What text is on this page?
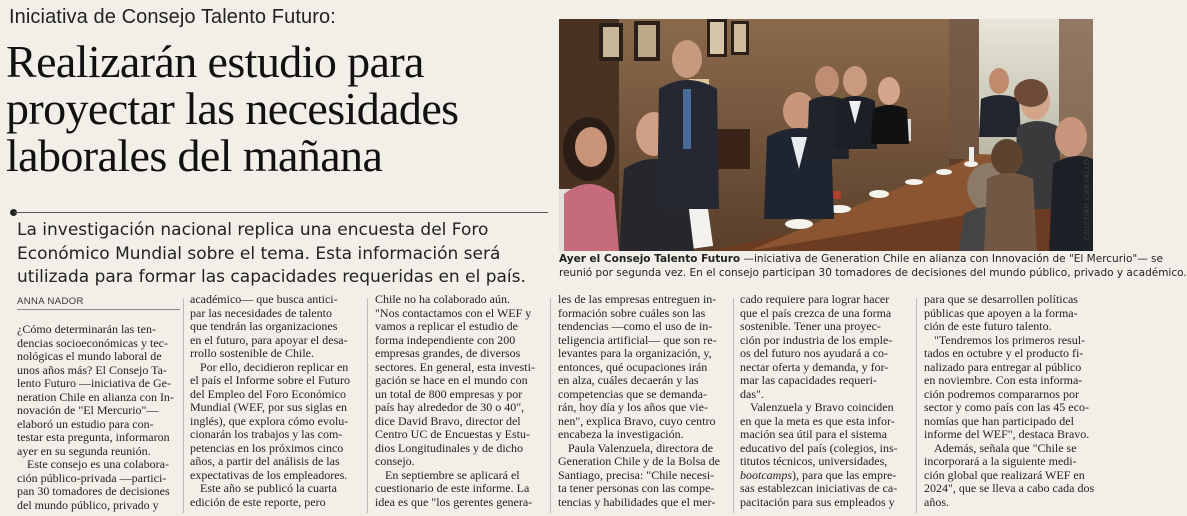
Iniciativa de Consejo Talento Futuro:
Realizarán estudio para
proyectar las necesidades
laborales del mañana
La investigación nacional replica una encuesta del Foro
Económico Mundial sobre el tema. Esta información será
utilizada para formar las capacidades requeridas en el país.
ANNA NADOR
CRISTIÁN CARVALLO
Ayer el Consejo Talento Futuro —iniciativa de Generation Chile en alianza con Innovación de "El Mercurio"— se
reunió por segunda vez. En el consejo participan 30 tomadores de decisiones del mundo público, privado y académico.
¿Cómo determinarán las ten-
dencias socioeconómicas y tec-
nológicas el mundo laboral de
unos años más? El Consejo Ta-
lento Futuro —iniciativa de Ge-
neration Chile en alianza con In-
novación de "El Mercurio"—
elaboró un estudio para con-
testar esta pregunta, informaron
ayer en su segunda reunión.
Este consejo es una colabora-
ción público-privada —partici-
pan 30 tomadores de decisiones
del mundo público, privado y
académico— que busca antici-
par las necesidades de talento
que tendrán las organizaciones
en el futuro, para apoyar el desa-
rrollo sostenible de Chile.
Por ello, decidieron replicar en
el país el Informe sobre el Futuro
del Empleo del Foro Económico
Mundial (WEF, por sus siglas en
inglés), que explora cómo evolu-
cionarán los trabajos y las com-
petencias en los próximos cinco
años, a partir del análisis de las
expectativas de los empleadores.
Este año se publicó la cuarta
edición de este reporte, pero
Chile no ha colaborado aún.
"Nos contactamos con el WEF y
vamos a replicar el estudio de
forma independiente con 200
empresas grandes, de diversos
sectores. En general, esta investi-
gación se hace en el mundo con
un total de 800 empresas y por
país hay alrededor de 30 o 40",
dice David Bravo, director del
Centro UC de Encuestas y Estu-
dios Longitudinales y de dicho
consejo.
En septiembre se aplicará el
cuestionario de este informe. La
idea es que "los gerentes genera-
les de las empresas entreguen in-
formación sobre cuáles son las
tendencias —como el uso de in-
teligencia artificial— que son re-
levantes para la organización, y,
entonces, qué ocupaciones irán
en alza, cuáles decaerán y las
competencias que se demanda-
rán, hoy día y los años que vie-
nen", explica Bravo, cuyo centro
encabeza la investigación.
Paula Valenzuela, directora de
Generation Chile y de la Bolsa de
Santiago, precisa: "Chile necesi-
ta tener personas con las compe-
tencias y habilidades que el mer-
cado requiere para lograr hacer
que el país crezca de una forma
sostenible. Tener una proyec-
ción por industria de los emple-
os del futuro nos ayudará a co-
nectar oferta y demanda, y for-
mar las capacidades requeri-
das".
Valenzuela y Bravo coinciden
en que la meta es que esta infor-
mación sea útil para el sistema
educativo del país (colegios, ins-
titutos técnicos, universidades,
bootcamps), para que las empre-
sas establezcan iniciativas de ca-
pacitación para sus empleados y
para que se desarrollen políticas
públicas que apoyen a la forma-
ción de este futuro talento.
"Tendremos los primeros resul-
tados en octubre y el producto fi-
nalizado para entregar al público
en noviembre. Con esta informa-
ción podremos compararnos por
sector y como país con las 45 eco-
nomías que han participado del
informe del WEF", destaca Bravo.
Además, señala que "Chile se
incorporará a la siguiente medi-
ción global que realizará WEF en
2024", que se lleva a cabo cada dos
años.
